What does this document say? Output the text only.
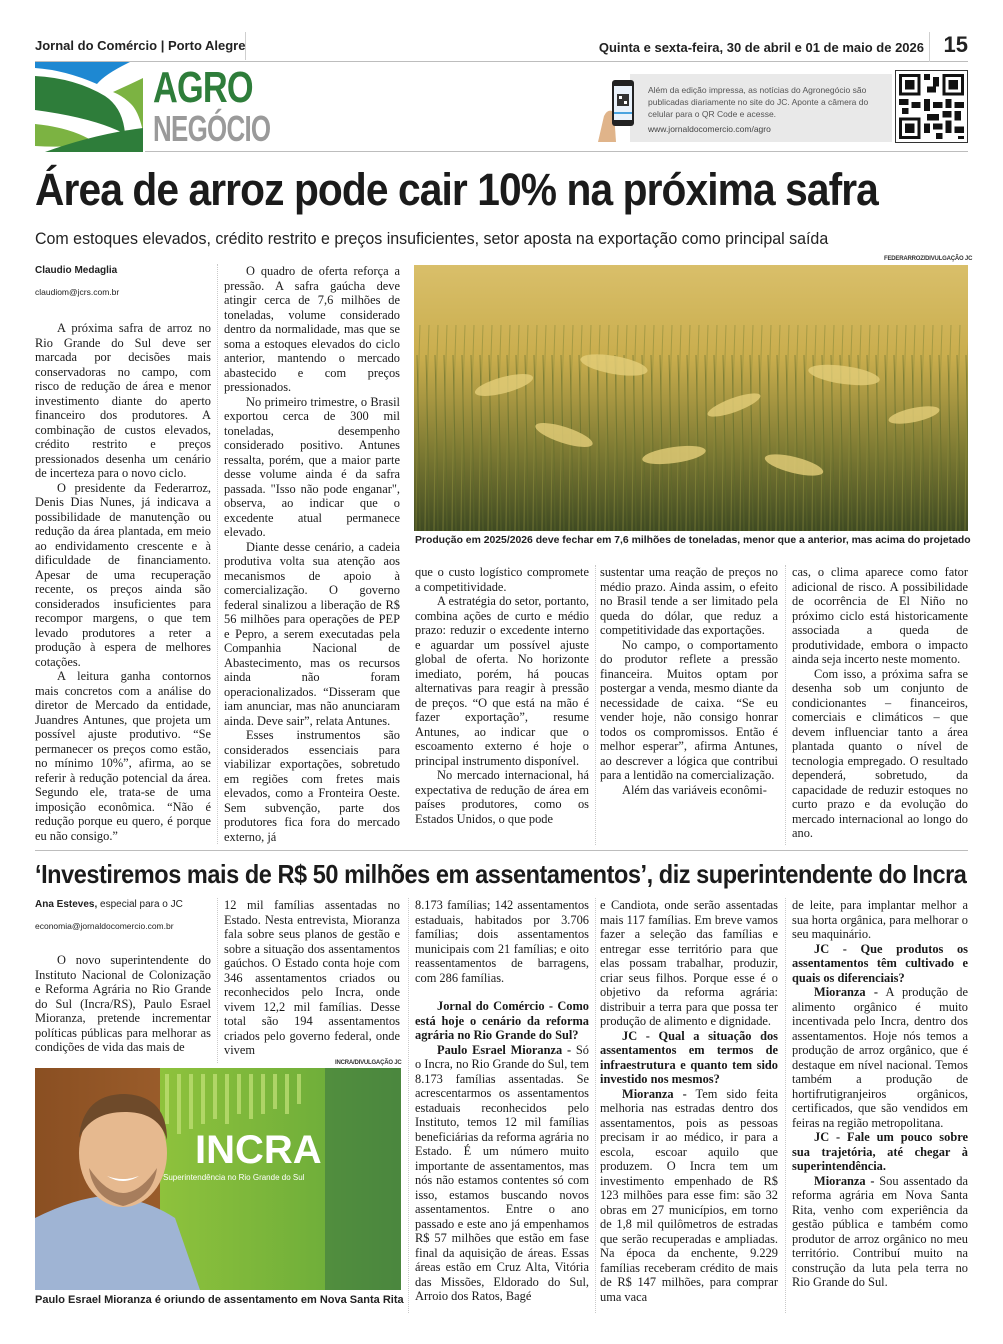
Jornal do Comércio | Porto Alegre	Quinta e sexta-feira, 30 de abril e 01 de maio de 2026 15
AGRO
NEGÓCIO
Além da edição impressa, as notícias do Agronegócio são publicadas diariamente no site do JC. Aponte a câmera do celular para o QR Code e acesse.
www.jornaldocomercio.com/agro
Área de arroz pode cair 10% na próxima safra
Com estoques elevados, crédito restrito e preços insuficientes, setor aposta na exportação como principal saída
Claudio Medaglia
claudiom@jcrs.com.br

A próxima safra de arroz no Rio Grande do Sul deve ser marcada por decisões mais conservadoras no campo, com risco de redução de área e menor investimento diante do aperto financeiro dos produtores. A combinação de custos elevados, crédito restrito e preços pressionados desenha um cenário de incerteza para o novo ciclo.

O presidente da Federarroz, Denis Dias Nunes, já indicava a possibilidade de manutenção ou redução da área plantada, em meio ao endividamento crescente e à dificuldade de financiamento. Apesar de uma recuperação recente, os preços ainda são considerados insuficientes para recompor margens, o que tem levado produtores a reter a produção à espera de melhores cotações.

A leitura ganha contornos mais concretos com a análise do diretor de Mercado da entidade, Juandres Antunes, que projeta um possível ajuste produtivo. “Se permanecer os preços como estão, no mínimo 10%”, afirma, ao se referir à redução potencial da área. Segundo ele, trata-se de uma imposição econômica. “Não é redução porque eu quero, é porque eu não consigo.”

O quadro de oferta reforça a pressão. A safra gaúcha deve atingir cerca de 7,6 milhões de toneladas, volume considerado dentro da normalidade, mas que se soma a estoques elevados do ciclo anterior, mantendo o mercado abastecido e com preços pressionados.

No primeiro trimestre, o Brasil exportou cerca de 300 mil toneladas, desempenho considerado positivo. Antunes ressalta, porém, que a maior parte desse volume ainda é da safra passada. "Isso não pode enganar", observa, ao indicar que o excedente atual permanece elevado.

Diante desse cenário, a cadeia produtiva volta sua atenção aos mecanismos de apoio à comercialização. O governo federal sinalizou a liberação de R$ 56 milhões para operações de PEP e Pepro, a serem executadas pela Companhia Nacional de Abastecimento, mas os recursos ainda não foram operacionalizados. “Disseram que iam anunciar, mas não anunciaram ainda. Deve sair”, relata Antunes.

Esses instrumentos são considerados essenciais para viabilizar exportações, sobretudo em regiões com fretes mais elevados, como a Fronteira Oeste. Sem subvenção, parte dos produtores fica fora do mercado externo, já

FEDERARROZ/DIVULGAÇÃO JC
Produção em 2025/2026 deve fechar em 7,6 milhões de toneladas, menor que a anterior, mas acima do projetado

que o custo logístico compromete a competitividade.

A estratégia do setor, portanto, combina ações de curto e médio prazo: reduzir o excedente interno e aguardar um possível ajuste global de oferta. No horizonte imediato, porém, há poucas alternativas para reagir à pressão de preços. “O que está na mão é fazer exportação”, resume Antunes, ao indicar que o escoamento externo é hoje o principal instrumento disponível.

No mercado internacional, há expectativa de redução de área em países produtores, como os Estados Unidos, o que pode

sustentar uma reação de preços no médio prazo. Ainda assim, o efeito no Brasil tende a ser limitado pela queda do dólar, que reduz a competitividade das exportações.

No campo, o comportamento do produtor reflete a pressão financeira. Muitos optam por postergar a venda, mesmo diante da necessidade de caixa. “Se eu vender hoje, não consigo honrar todos os compromissos. Então é melhor esperar”, afirma Antunes, ao descrever a lógica que contribui para a lentidão na comercialização.

Além das variáveis econômi-

cas, o clima aparece como fator adicional de risco. A possibilidade de ocorrência de El Niño no próximo ciclo está historicamente associada a queda de produtividade, embora o impacto ainda seja incerto neste momento.

Com isso, a próxima safra se desenha sob um conjunto de condicionantes – financeiros, comerciais e climáticos – que devem influenciar tanto a área plantada quanto o nível de tecnologia empregado. O resultado dependerá, sobretudo, da capacidade de reduzir estoques no curto prazo e da evolução do mercado internacional ao longo do ano.

‘Investiremos mais de R$ 50 milhões em assentamentos’, diz superintendente do Incra
Ana Esteves, especial para o JC
economia@jornaldocomercio.com.br

O novo superintendente do Instituto Nacional de Colonização e Reforma Agrária no Rio Grande do Sul (Incra/RS), Paulo Esrael Mioranza, pretende incrementar políticas públicas para melhorar as condições de vida das mais de

12 mil famílias assentadas no Estado. Nesta entrevista, Mioranza fala sobre seus planos de gestão e sobre a situação dos assentamentos gaúchos. O Estado conta hoje com 346 assentamentos criados ou reconhecidos pelo Incra, onde vivem 12,2 mil famílias. Desse total são 194 assentamentos criados pelo governo federal, onde vivem

INCRA/DIVULGAÇÃO JC
INCRA
Superintendência no Rio Grande do Sul
Paulo Esrael Mioranza é oriundo de assentamento em Nova Santa Rita

8.173 famílias; 142 assentamentos estaduais, habitados por 3.706 famílias; dois assentamentos municipais com 21 famílias; e oito reassentamentos de barragens, com 286 famílias.

Jornal do Comércio - Como está hoje o cenário da reforma agrária no Rio Grande do Sul?

Paulo Esrael Mioranza - Só o Incra, no Rio Grande do Sul, tem 8.173 famílias assentadas. Se acrescentarmos os assentamentos estaduais reconhecidos pelo Instituto, temos 12 mil famílias beneficiárias da reforma agrária no Estado. É um número muito importante de assentamentos, mas nós não estamos contentes só com isso, estamos buscando novos assentamentos. Entre o ano passado e este ano já empenhamos R$ 57 milhões que estão em fase final da aquisição de áreas. Essas áreas estão em Cruz Alta, Vitória das Missões, Eldorado do Sul, Arroio dos Ratos, Bagé

e Candiota, onde serão assentadas mais 117 famílias. Em breve vamos fazer a seleção das famílias e entregar esse território para que elas possam trabalhar, produzir, criar seus filhos. Porque esse é o objetivo da reforma agrária: distribuir a terra para que possa ter produção de alimento e dignidade.

JC - Qual a situação dos assentamentos em termos de infraestrutura e quanto tem sido investido nos mesmos?

Mioranza - Tem sido feita melhoria nas estradas dentro dos assentamentos, pois as pessoas precisam ir ao médico, ir para a escola, escoar aquilo que produzem. O Incra tem um investimento empenhado de R$ 123 milhões para esse fim: são 32 obras em 27 municípios, em torno de 1,8 mil quilômetros de estradas que serão recuperadas e ampliadas. Na época da enchente, 9.229 famílias receberam crédito de mais de R$ 147 milhões, para comprar uma vaca

de leite, para implantar melhor a sua horta orgânica, para melhorar o seu maquinário.

JC - Que produtos os assentamentos têm cultivado e quais os diferenciais?

Mioranza - A produção de alimento orgânico é muito incentivada pelo Incra, dentro dos assentamentos. Hoje nós temos a produção de arroz orgânico, que é destaque em nível nacional. Temos também a produção de hortifrutigranjeiros orgânicos, certificados, que são vendidos em feiras na região metropolitana.

JC - Fale um pouco sobre sua trajetória, até chegar à superintendência.

Mioranza - Sou assentado da reforma agrária em Nova Santa Rita, venho com experiência da gestão pública e também como produtor de arroz orgânico no meu território. Contribuí muito na construção da luta pela terra no Rio Grande do Sul.
